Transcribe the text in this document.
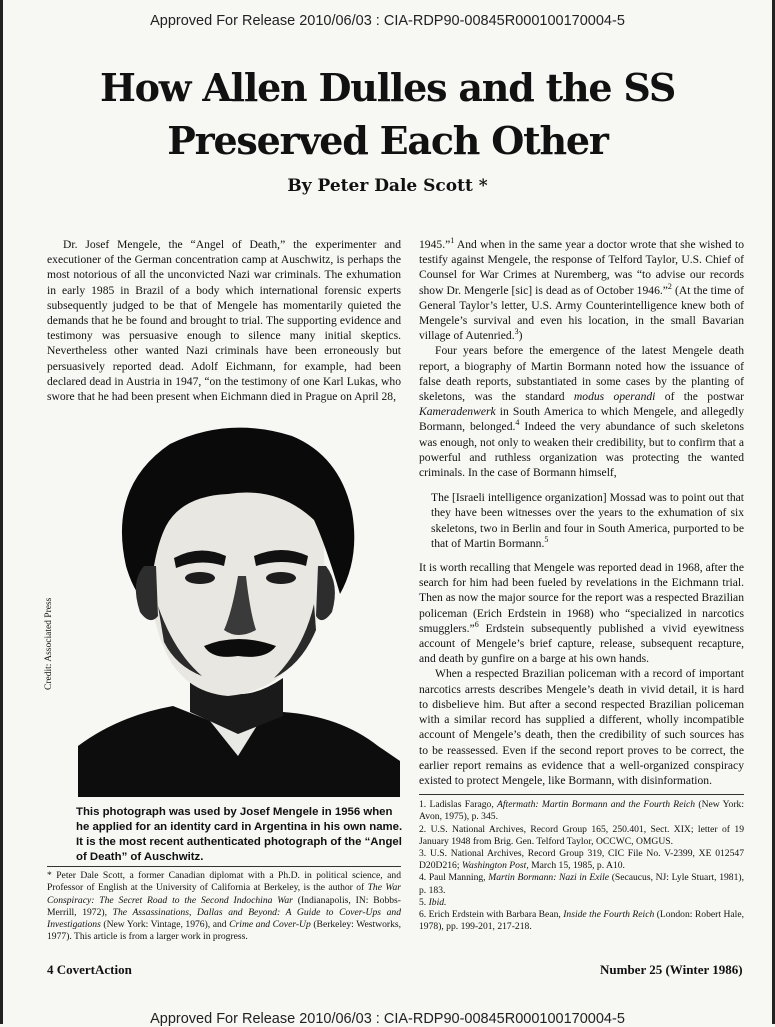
Approved For Release 2010/06/03 : CIA-RDP90-00845R000100170004-5
How Allen Dulles and the SS
Preserved Each Other
By Peter Dale Scott *

Dr. Josef Mengele, the “Angel of Death,” the experimenter and executioner of the German concentration camp at Auschwitz, is perhaps the most notorious of all the unconvicted Nazi war criminals. The exhumation in early 1985 in Brazil of a body which international forensic experts subsequently judged to be that of Mengele has momentarily quieted the demands that he be found and brought to trial. The supporting evidence and testimony was persuasive enough to silence many initial skeptics. Nevertheless other wanted Nazi criminals have been erroneously but persuasively reported dead. Adolf Eichmann, for example, had been declared dead in Austria in 1947, “on the testimony of one Karl Lukas, who swore that he had been present when Eichmann died in Prague on April 28,

Credit: Associated Press
This photograph was used by Josef Mengele in 1956 when he applied for an identity card in Argentina in his own name. It is the most recent authenticated photograph of the “Angel of Death” of Auschwitz.
* Peter Dale Scott, a former Canadian diplomat with a Ph.D. in political science, and Professor of English at the University of California at Berkeley, is the author of The War Conspiracy: The Secret Road to the Second Indochina War (Indianapolis, IN: Bobbs-Merrill, 1972), The Assassinations, Dallas and Beyond: A Guide to Cover-Ups and Investigations (New York: Vintage, 1976), and Crime and Cover-Up (Berkeley: Westworks, 1977). This article is from a larger work in progress.

1945.”$^1$ And when in the same year a doctor wrote that she wished to testify against Mengele, the response of Telford Taylor, U.S. Chief of Counsel for War Crimes at Nuremberg, was “to advise our records show Dr. Mengerle [sic] is dead as of October 1946.”$^2$ (At the time of General Taylor’s letter, U.S. Army Counterintelligence knew both of Mengele’s survival and even his location, in the small Bavarian village of Autenried.$^3$)

Four years before the emergence of the latest Mengele death report, a biography of Martin Bormann noted how the issuance of false death reports, substantiated in some cases by the planting of skeletons, was the standard modus operandi of the postwar Kameradenwerk in South America to which Mengele, and allegedly Bormann, belonged.$^4$ Indeed the very abundance of such skeletons was enough, not only to weaken their credibility, but to confirm that a powerful and ruthless organization was protecting the wanted criminals. In the case of Bormann himself,

The [Israeli intelligence organization] Mossad was to point out that they have been witnesses over the years to the exhumation of six skeletons, two in Berlin and four in South America, purported to be that of Martin Bormann.$^5$

It is worth recalling that Mengele was reported dead in 1968, after the search for him had been fueled by revelations in the Eichmann trial. Then as now the major source for the report was a respected Brazilian policeman (Erich Erdstein in 1968) who “specialized in narcotics smugglers.”$^6$ Erdstein subsequently published a vivid eyewitness account of Mengele’s brief capture, release, subsequent recapture, and death by gunfire on a barge at his own hands.

When a respected Brazilian policeman with a record of important narcotics arrests describes Mengele’s death in vivid detail, it is hard to disbelieve him. But after a second respected Brazilian policeman with a similar record has supplied a different, wholly incompatible account of Mengele’s death, then the credibility of such sources has to be reassessed. Even if the second report proves to be correct, the earlier report remains as evidence that a well-organized conspiracy existed to protect Mengele, like Bormann, with disinformation.

1. Ladislas Farago, Aftermath: Martin Bormann and the Fourth Reich (New York: Avon, 1975), p. 345.
2. U.S. National Archives, Record Group 165, 250.401, Sect. XIX; letter of 19 January 1948 from Brig. Gen. Telford Taylor, OCCWC, OMGUS.
3. U.S. National Archives, Record Group 319, CIC File No. V-2399, XE 012547 D20D216; Washington Post, March 15, 1985, p. A10.
4. Paul Manning, Martin Bormann: Nazi in Exile (Secaucus, NJ: Lyle Stuart, 1981), p. 183.
5. Ibid.
6. Erich Erdstein with Barbara Bean, Inside the Fourth Reich (London: Robert Hale, 1978), pp. 199-201, 217-218.
4 CovertAction	Number 25 (Winter 1986)
Approved For Release 2010/06/03 : CIA-RDP90-00845R000100170004-5
